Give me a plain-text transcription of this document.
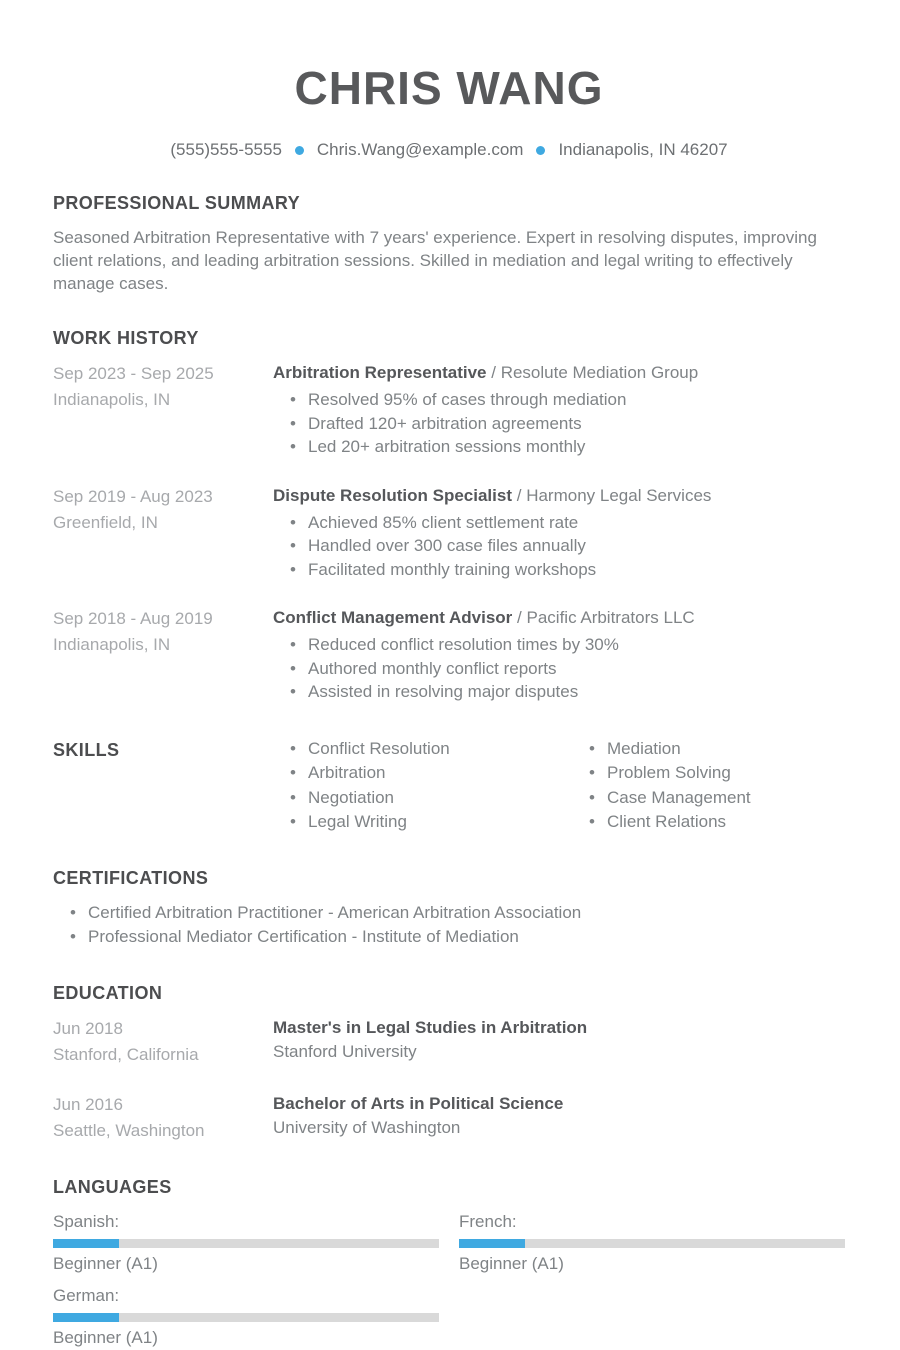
CHRIS WANG
(555)555-5555 Chris.Wang@example.com Indianapolis, IN 46207
PROFESSIONAL SUMMARY

Seasoned Arbitration Representative with 7 years' experience. Expert in resolving disputes, improving client relations, and leading arbitration sessions. Skilled in mediation and legal writing to effectively manage cases.

WORK HISTORY
Sep 2023 - Sep 2025
Indianapolis, IN
Arbitration Representative / Resolute Mediation Group
• Resolved 95% of cases through mediation
• Drafted 120+ arbitration agreements
• Led 20+ arbitration sessions monthly
Sep 2019 - Aug 2023
Greenfield, IN
Dispute Resolution Specialist / Harmony Legal Services
• Achieved 85% client settlement rate
• Handled over 300 case files annually
• Facilitated monthly training workshops
Sep 2018 - Aug 2019
Indianapolis, IN
Conflict Management Advisor / Pacific Arbitrators LLC
• Reduced conflict resolution times by 30%
• Authored monthly conflict reports
• Assisted in resolving major disputes
SKILLS	• Conflict Resolution
• Arbitration
• Negotiation
• Legal Writing
• Mediation
• Problem Solving
• Case Management
• Client Relations
CERTIFICATIONS
• Certified Arbitration Practitioner - American Arbitration Association
• Professional Mediator Certification - Institute of Mediation
EDUCATION
Jun 2018
Stanford, California
Master's in Legal Studies in Arbitration
Stanford University
Jun 2016
Seattle, Washington
Bachelor of Arts in Political Science
University of Washington
LANGUAGES
Spanish:
Beginner (A1)
French:
Beginner (A1)
German:
Beginner (A1)
